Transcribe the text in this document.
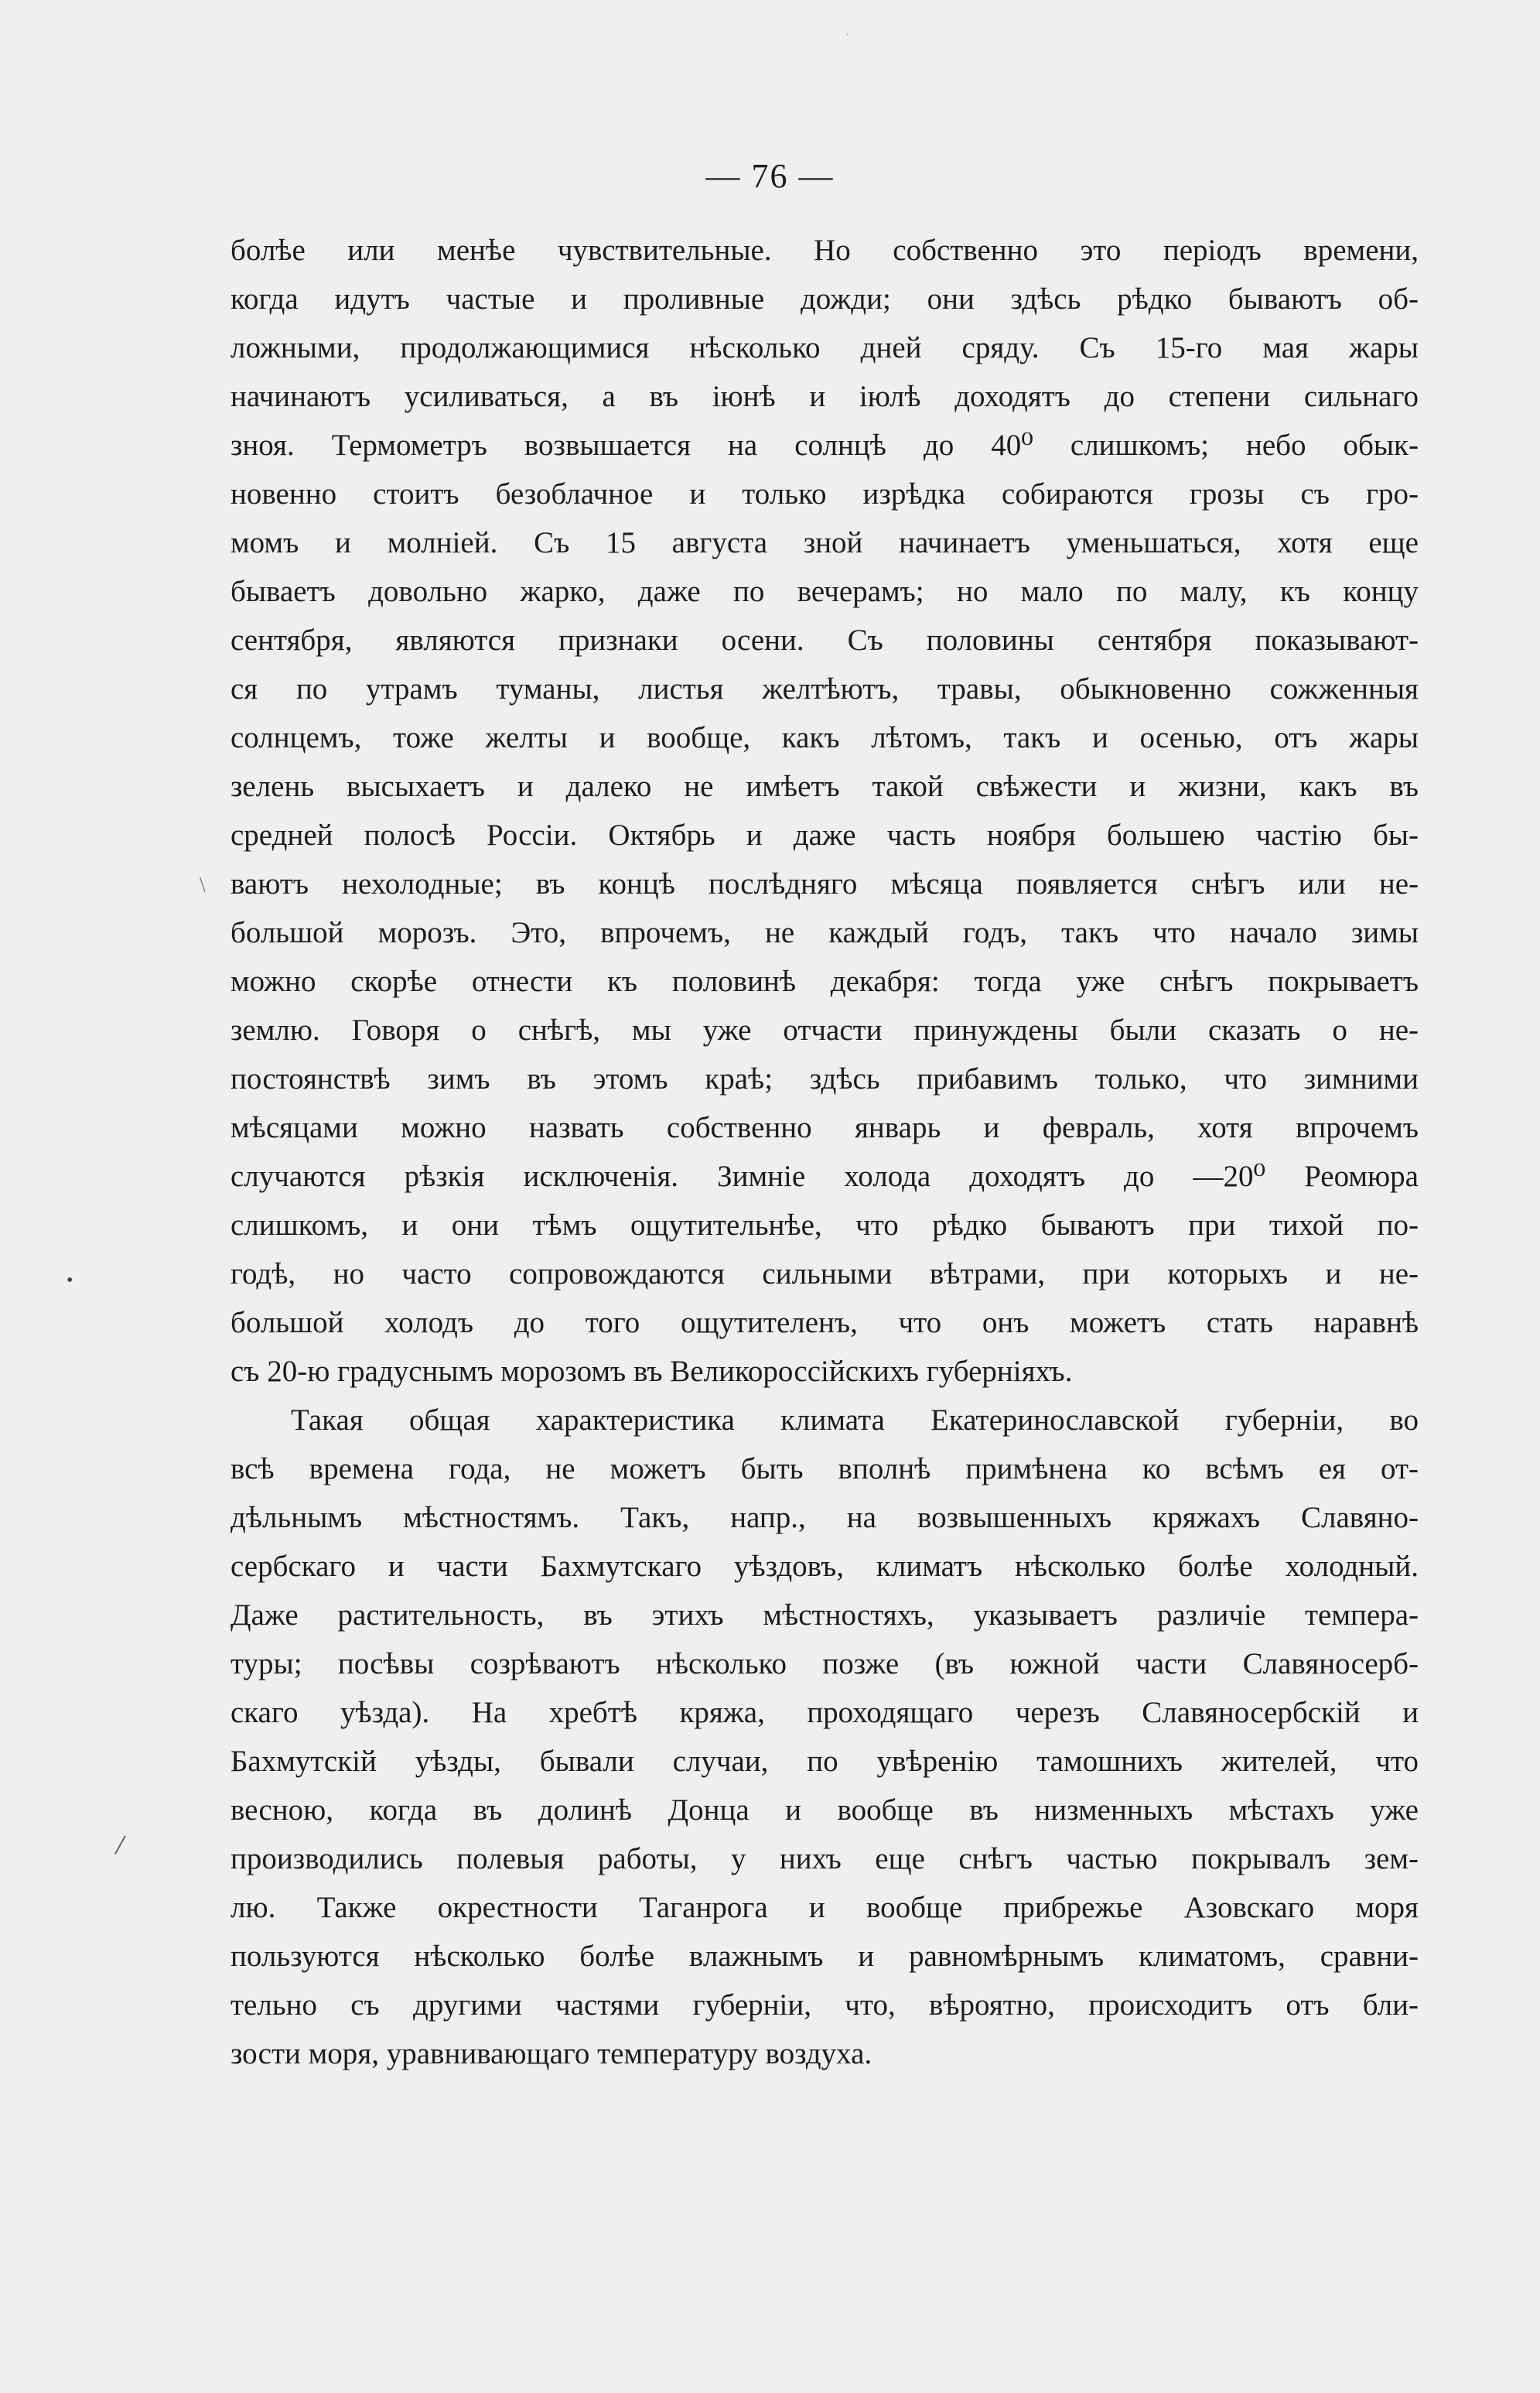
— 76 —
болѣе или менѣе чувствительные. Но собственно это періодъ времени,
когда идутъ частые и проливные дожди; они здѣсь рѣдко бываютъ об-
ложными, продолжающимися нѣсколько дней сряду. Съ 15-го мая жары
начинаютъ усиливаться, а въ іюнѣ и іюлѣ доходятъ до степени сильнаго
зноя. Термометръ возвышается на солнцѣ до 40⁰ слишкомъ; небо обык-
новенно стоитъ безоблачное и только изрѣдка собираются грозы съ гро-
момъ и молніей. Съ 15 августа зной начинаетъ уменьшаться, хотя еще
бываетъ довольно жарко, даже по вечерамъ; но мало по малу, къ концу
сентября, являются признаки осени. Съ половины сентября показывают-
ся по утрамъ туманы, листья желтѣютъ, травы, обыкновенно сожженныя
солнцемъ, тоже желты и вообще, какъ лѣтомъ, такъ и осенью, отъ жары
зелень высыхаетъ и далеко не имѣетъ такой свѣжести и жизни, какъ въ
средней полосѣ Россіи. Октябрь и даже часть ноября большею частію бы-
ваютъ нехолодные; въ концѣ послѣдняго мѣсяца появляется снѣгъ или не-
большой морозъ. Это, впрочемъ, не каждый годъ, такъ что начало зимы
можно скорѣе отнести къ половинѣ декабря: тогда уже снѣгъ покрываетъ
землю. Говоря о снѣгѣ, мы уже отчасти принуждены были сказать о не-
постоянствѣ зимъ въ этомъ краѣ; здѣсь прибавимъ только, что зимними
мѣсяцами можно назвать собственно январь и февраль, хотя впрочемъ
случаются рѣзкія исключенія. Зимніе холода доходятъ до —20⁰ Реомюра
слишкомъ, и они тѣмъ ощутительнѣе, что рѣдко бываютъ при тихой по-
годѣ, но часто сопровождаются сильными вѣтрами, при которыхъ и не-
большой холодъ до того ощутителенъ, что онъ можетъ стать наравнѣ
съ 20-ю градуснымъ морозомъ въ Великороссійскихъ губерніяхъ.
Такая общая характеристика климата Екатеринославской губерніи, во
всѣ времена года, не можетъ быть вполнѣ примѣнена ко всѣмъ ея от-
дѣльнымъ мѣстностямъ. Такъ, напр., на возвышенныхъ кряжахъ Славяно-
сербскаго и части Бахмутскаго уѣздовъ, климатъ нѣсколько болѣе холодный.
Даже растительность, въ этихъ мѣстностяхъ, указываетъ различіе темпера-
туры; посѣвы созрѣваютъ нѣсколько позже (въ южной части Славяносерб-
скаго уѣзда). На хребтѣ кряжа, проходящаго черезъ Славяносербскій и
Бахмутскій уѣзды, бывали случаи, по увѣренію тамошнихъ жителей, что
весною, когда въ долинѣ Донца и вообще въ низменныхъ мѣстахъ уже
производились полевыя работы, у нихъ еще снѣгъ частью покрывалъ зем-
лю. Также окрестности Таганрога и вообще прибрежье Азовскаго моря
пользуются нѣсколько болѣе влажнымъ и равномѣрнымъ климатомъ, сравни-
тельно съ другими частями губерніи, что, вѣроятно, происходитъ отъ бли-
зости моря, уравнивающаго температуру воздуха.
\
•
/
'
